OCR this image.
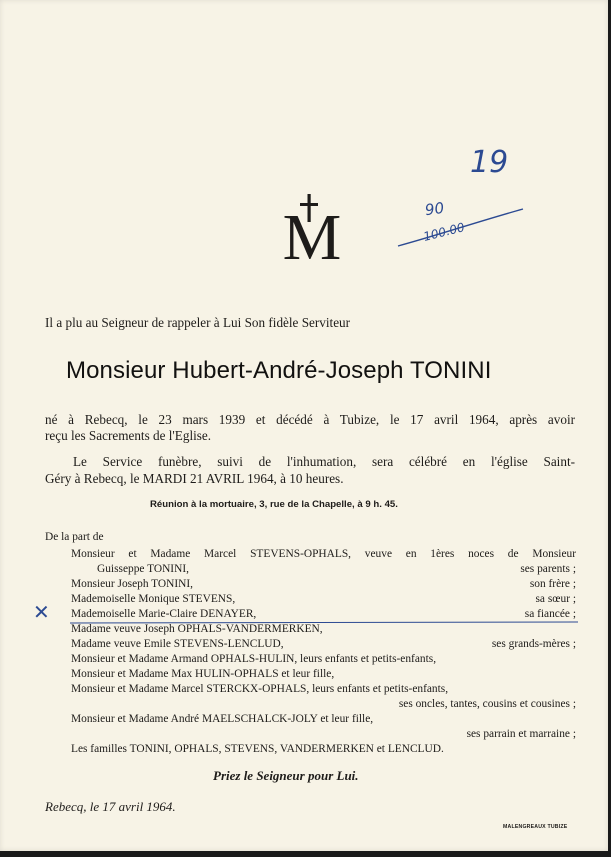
M
19
90
100.00
Il a plu au Seigneur de rappeler à Lui Son fidèle Serviteur
Monsieur Hubert-André-Joseph TONINI
né à Rebecq, le 23 mars 1939 et décédé à Tubize, le 17 avril 1964, après avoir
reçu les Sacrements de l'Eglise.
Le Service funèbre, suivi de l'inhumation, sera célébré en l'église Saint-
Géry à Rebecq, le MARDI 21 AVRIL 1964, à 10 heures.
Réunion à la mortuaire, 3, rue de la Chapelle, à 9 h. 45.
De la part de
Monsieur et Madame Marcel STEVENS-OPHALS, veuve en 1ères noces de Monsieur
Guisseppe TONINI,	ses parents ;
Monsieur Joseph TONINI,	son frère ;
Mademoiselle Monique STEVENS,	sa sœur ;
Mademoiselle Marie-Claire DENAYER,	sa fiancée ;
Madame veuve Joseph OPHALS-VANDERMERKEN,
Madame veuve Emile STEVENS-LENCLUD,	ses grands-mères ;
Monsieur et Madame Armand OPHALS-HULIN, leurs enfants et petits-enfants,
Monsieur et Madame Max HULIN-OPHALS et leur fille,
Monsieur et Madame Marcel STERCKX-OPHALS, leurs enfants et petits-enfants,
ses oncles, tantes, cousins et cousines ;
Monsieur et Madame André MAELSCHALCK-JOLY et leur fille,
ses parrain et marraine ;
Les familles TONINI, OPHALS, STEVENS, VANDERMERKEN et LENCLUD.
✕
Priez le Seigneur pour Lui.
Rebecq, le 17 avril 1964.
MALENGREAUX TUBIZE
